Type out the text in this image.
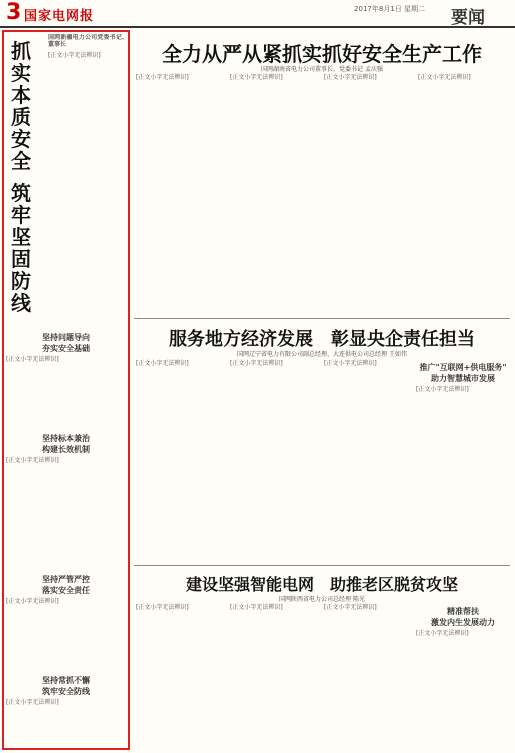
3 国家电网报	2017年8月1日 星期二 要闻
抓
实
本
质
安
全
筑
牢
坚
固
防
线
国网新疆电力公司党委书记、董事长
[正文小字无法辨识]
坚持问题导向
夯实安全基础
[正文小字无法辨识]
坚持标本兼治
构建长效机制
[正文小字无法辨识]
坚持严管严控
落实安全责任
[正文小字无法辨识]
坚持常抓不懈
筑牢安全防线
[正文小字无法辨识]
全力从严从紧抓实抓好安全生产工作
国网湖南省电力公司董事长、党委书记 孟庆强
[正文小字无法辨识]	[正文小字无法辨识]	[正文小字无法辨识]	[正文小字无法辨识]
服务地方经济发展　彰显央企责任担当
国网辽宁省电力有限公司副总经理、大连供电公司总经理 王如伟
[正文小字无法辨识]	[正文小字无法辨识]	[正文小字无法辨识]	推广"互联网+供电服务"
助力智慧城市发展
[正文小字无法辨识]
建设坚强智能电网　助推老区脱贫攻坚
国网陕西省电力公司总经理 陈光
[正文小字无法辨识]	[正文小字无法辨识]	[正文小字无法辨识]	精准帮扶
激发内生发展动力
[正文小字无法辨识]
